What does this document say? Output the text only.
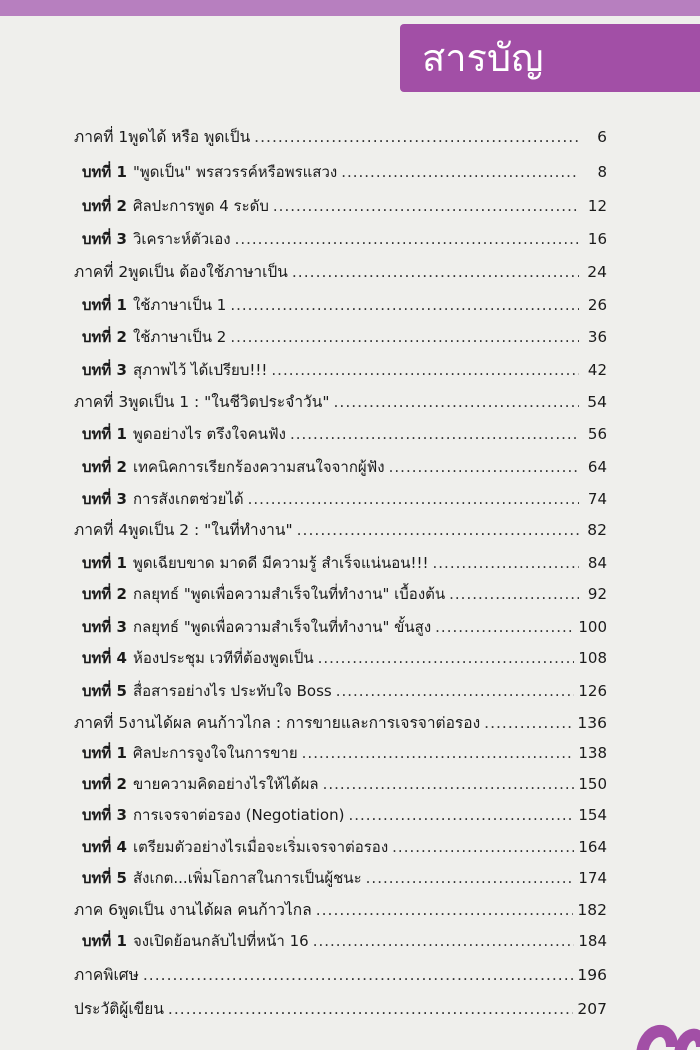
สารบัญ
ภาคที่ 1 พูดได้ หรือ พูดเป็น .....	6
บทที่ 1 "พูดเป็น" พรสวรรค์หรือพรแสวง .....	8
บทที่ 2 ศิลปะการพูด 4 ระดับ .....	12
บทที่ 3 วิเคราะห์ตัวเอง .....	16
ภาคที่ 2 พูดเป็น ต้องใช้ภาษาเป็น .....	24
บทที่ 1 ใช้ภาษาเป็น 1 .....	26
บทที่ 2 ใช้ภาษาเป็น 2 .....	36
บทที่ 3 สุภาพไว้ ได้เปรียบ!!! .....	42
ภาคที่ 3 พูดเป็น 1 : "ในชีวิตประจำวัน" .....	54
บทที่ 1 พูดอย่างไร ตรึงใจคนฟัง .....	56
บทที่ 2 เทคนิคการเรียกร้องความสนใจจากผู้ฟัง .....	64
บทที่ 3 การสังเกตช่วยได้ .....	74
ภาคที่ 4 พูดเป็น 2 : "ในที่ทำงาน" .....	82
บทที่ 1 พูดเฉียบขาด มาดดี มีความรู้ สำเร็จแน่นอน!!! .....	84
บทที่ 2 กลยุทธ์ "พูดเพื่อความสำเร็จในที่ทำงาน" เบื้องต้น .....	92
บทที่ 3 กลยุทธ์ "พูดเพื่อความสำเร็จในที่ทำงาน" ขั้นสูง .....	100
บทที่ 4 ห้องประชุม เวทีที่ต้องพูดเป็น .....	108
บทที่ 5 สื่อสารอย่างไร ประทับใจ Boss .....	126
ภาคที่ 5 งานได้ผล คนก้าวไกล : การขายและการเจรจาต่อรอง .....	136
บทที่ 1 ศิลปะการจูงใจในการขาย .....	138
บทที่ 2 ขายความคิดอย่างไรให้ได้ผล .....	150
บทที่ 3 การเจรจาต่อรอง (Negotiation) .....	154
บทที่ 4 เตรียมตัวอย่างไรเมื่อจะเริ่มเจรจาต่อรอง .....	164
บทที่ 5 สังเกต...เพิ่มโอกาสในการเป็นผู้ชนะ .....	174
ภาค 6 พูดเป็น งานได้ผล คนก้าวไกล .....	182
บทที่ 1 จงเปิดย้อนกลับไปที่หน้า 16 .....	184
ภาคพิเศษ .....	196
ประวัติผู้เขียน .....	207
